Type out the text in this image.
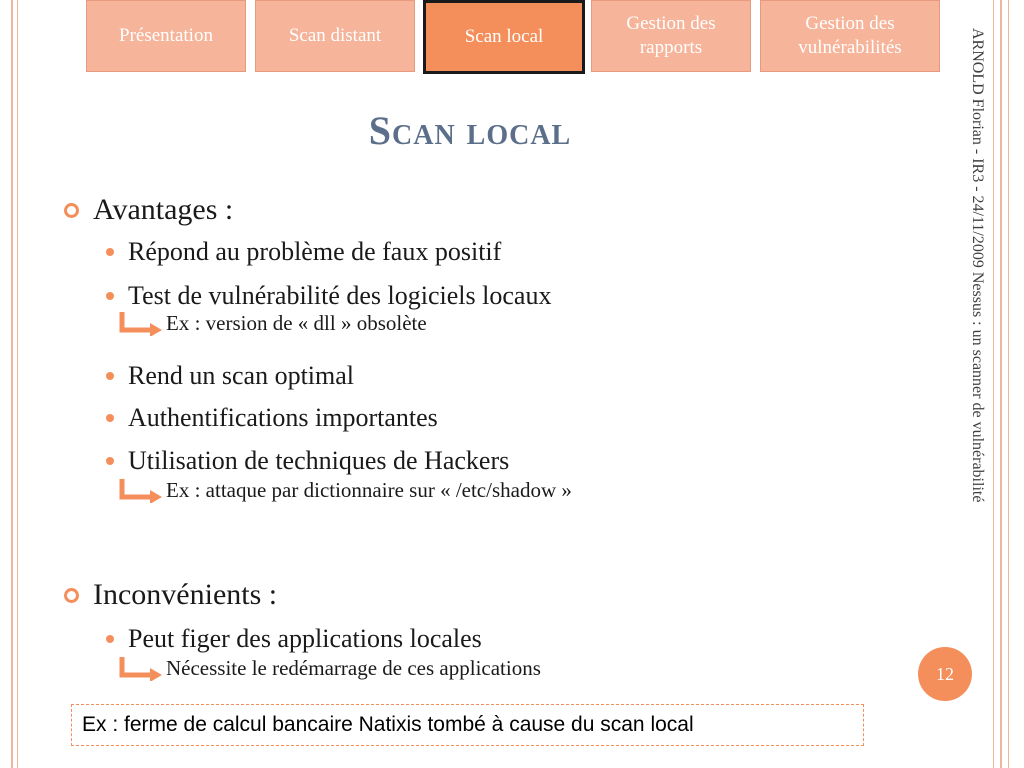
Présentation	Scan distant	Scan local
Gestion des rapports
Gestion des vulnérabilités
Scan local
Avantages :
Répond au problème de faux positif
Test de vulnérabilité des logiciels locaux
Ex : version de « dll » obsolète
Rend un scan optimal
Authentifications importantes
Utilisation de techniques de Hackers
Ex : attaque par dictionnaire sur « /etc/shadow »
Inconvénients :
Peut figer des applications locales
Nécessite le redémarrage de ces applications
ARNOLD Florian - IR3 - 24/11/2009 Nessus : un scanner de vulnérabilité
12
Ex : ferme de calcul bancaire Natixis tombé à cause du scan local
